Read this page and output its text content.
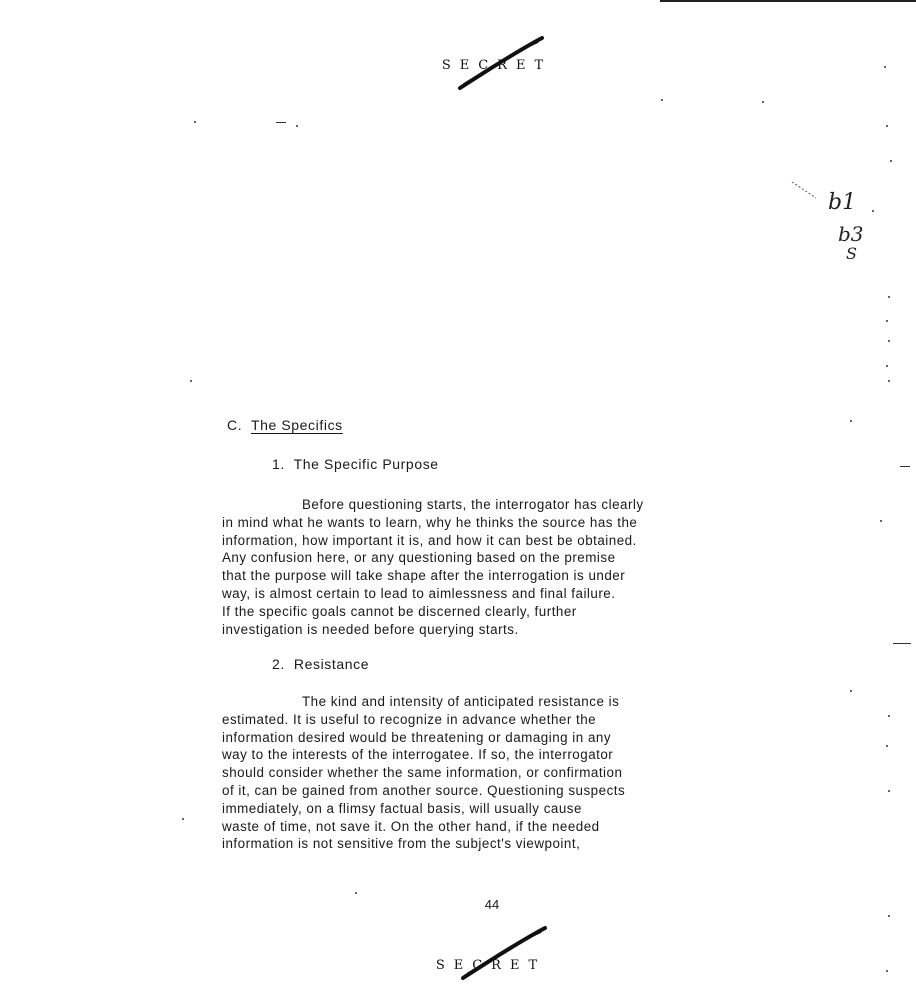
SECRET
b1
b3
S
C. The Specifics
1. The Specific Purpose
Before questioning starts, the interrogator has clearly
in mind what he wants to learn, why he thinks the source has the
information, how important it is, and how it can best be obtained.
Any confusion here, or any questioning based on the premise
that the purpose will take shape after the interrogation is under
way, is almost certain to lead to aimlessness and final failure.
If the specific goals cannot be discerned clearly, further
investigation is needed before querying starts.
2. Resistance
The kind and intensity of anticipated resistance is
estimated. It is useful to recognize in advance whether the
information desired would be threatening or damaging in any
way to the interests of the interrogatee. If so, the interrogator
should consider whether the same information, or confirmation
of it, can be gained from another source. Questioning suspects
immediately, on a flimsy factual basis, will usually cause
waste of time, not save it. On the other hand, if the needed
information is not sensitive from the subject's viewpoint,
44
SECRET
